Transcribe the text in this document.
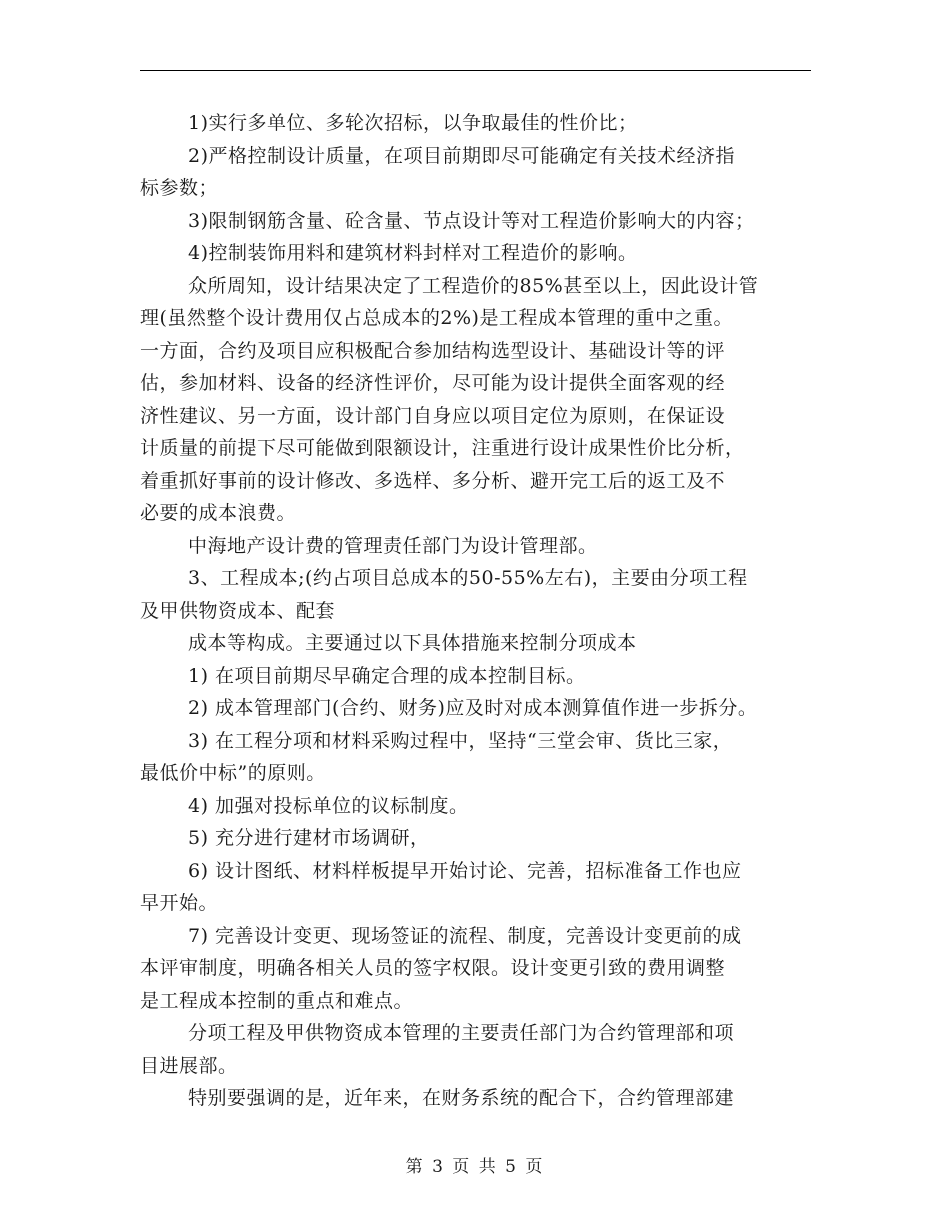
1)实行多单位、多轮次招标，以争取最佳的性价比；
2)严格控制设计质量，在项目前期即尽可能确定有关技术经济指
标参数；
3)限制钢筋含量、砼含量、节点设计等对工程造价影响大的内容；
4)控制装饰用料和建筑材料封样对工程造价的影响。
众所周知，设计结果决定了工程造价的85%甚至以上，因此设计管
理(虽然整个设计费用仅占总成本的2%)是工程成本管理的重中之重。
一方面，合约及项目应积极配合参加结构选型设计、基础设计等的评
估，参加材料、设备的经济性评价，尽可能为设计提供全面客观的经
济性建议、另一方面，设计部门自身应以项目定位为原则，在保证设
计质量的前提下尽可能做到限额设计，注重进行设计成果性价比分析，
着重抓好事前的设计修改、多选样、多分析、避开完工后的返工及不
必要的成本浪费。
中海地产设计费的管理责任部门为设计管理部。
3、工程成本;(约占项目总成本的50-55%左右)，主要由分项工程
及甲供物资成本、配套
成本等构成。主要通过以下具体措施来控制分项成本
1) 在项目前期尽早确定合理的成本控制目标。
2) 成本管理部门(合约、财务)应及时对成本测算值作进一步拆分。
3) 在工程分项和材料采购过程中，坚持“三堂会审、货比三家，
最低价中标”的原则。
4) 加强对投标单位的议标制度。
5) 充分进行建材市场调研，
6) 设计图纸、材料样板提早开始讨论、完善，招标准备工作也应
早开始。
7) 完善设计变更、现场签证的流程、制度，完善设计变更前的成
本评审制度，明确各相关人员的签字权限。设计变更引致的费用调整
是工程成本控制的重点和难点。
分项工程及甲供物资成本管理的主要责任部门为合约管理部和项
目进展部。
特别要强调的是，近年来，在财务系统的配合下，合约管理部建
第 3 页 共 5 页
